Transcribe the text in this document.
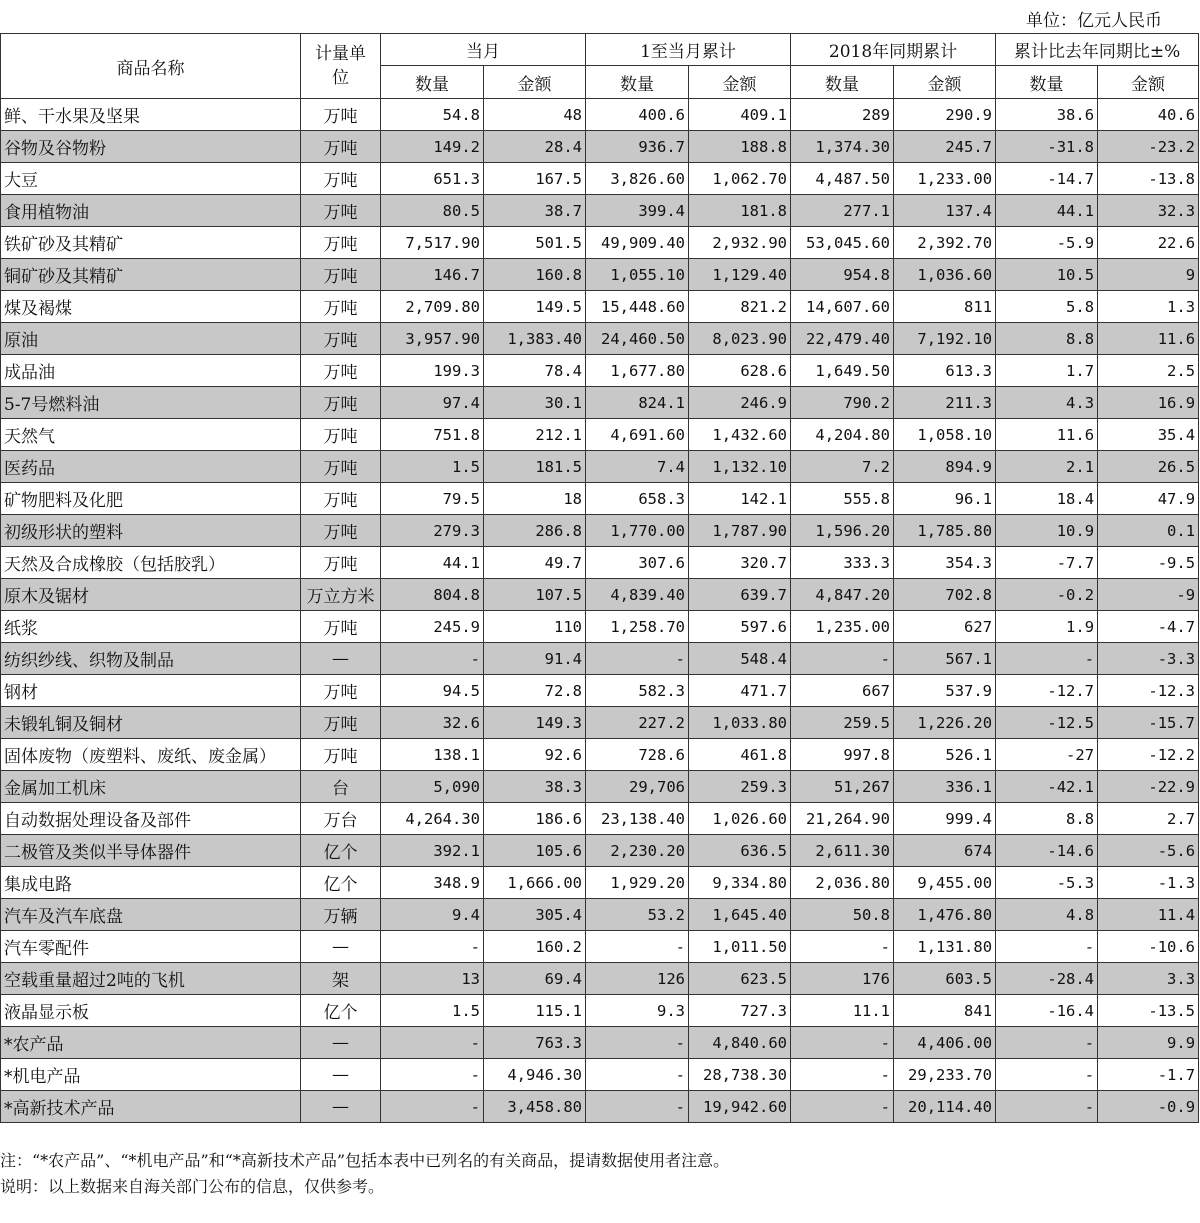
单位：亿元人民币
商品名称	计量单位	当月		1至当月累计		2018年同期累计		累计比去年同期比±%	
		数量	金额	数量	金额	数量	金额	数量	金额
鲜、干水果及坚果	万吨	54.8	48	400.6	409.1	289	290.9	38.6	40.6
谷物及谷物粉	万吨	149.2	28.4	936.7	188.8	1,374.30	245.7	-31.8	-23.2
大豆	万吨	651.3	167.5	3,826.60	1,062.70	4,487.50	1,233.00	-14.7	-13.8
食用植物油	万吨	80.5	38.7	399.4	181.8	277.1	137.4	44.1	32.3
铁矿砂及其精矿	万吨	7,517.90	501.5	49,909.40	2,932.90	53,045.60	2,392.70	-5.9	22.6
铜矿砂及其精矿	万吨	146.7	160.8	1,055.10	1,129.40	954.8	1,036.60	10.5	9
煤及褐煤	万吨	2,709.80	149.5	15,448.60	821.2	14,607.60	811	5.8	1.3
原油	万吨	3,957.90	1,383.40	24,460.50	8,023.90	22,479.40	7,192.10	8.8	11.6
成品油	万吨	199.3	78.4	1,677.80	628.6	1,649.50	613.3	1.7	2.5
5-7号燃料油	万吨	97.4	30.1	824.1	246.9	790.2	211.3	4.3	16.9
天然气	万吨	751.8	212.1	4,691.60	1,432.60	4,204.80	1,058.10	11.6	35.4
医药品	万吨	1.5	181.5	7.4	1,132.10	7.2	894.9	2.1	26.5
矿物肥料及化肥	万吨	79.5	18	658.3	142.1	555.8	96.1	18.4	47.9
初级形状的塑料	万吨	279.3	286.8	1,770.00	1,787.90	1,596.20	1,785.80	10.9	0.1
天然及合成橡胶（包括胶乳）	万吨	44.1	49.7	307.6	320.7	333.3	354.3	-7.7	-9.5
原木及锯材	万立方米	804.8	107.5	4,839.40	639.7	4,847.20	702.8	-0.2	-9
纸浆	万吨	245.9	110	1,258.70	597.6	1,235.00	627	1.9	-4.7
纺织纱线、织物及制品	—	-	91.4	-	548.4	-	567.1	-	-3.3
钢材	万吨	94.5	72.8	582.3	471.7	667	537.9	-12.7	-12.3
未锻轧铜及铜材	万吨	32.6	149.3	227.2	1,033.80	259.5	1,226.20	-12.5	-15.7
固体废物（废塑料、废纸、废金属）	万吨	138.1	92.6	728.6	461.8	997.8	526.1	-27	-12.2
金属加工机床	台	5,090	38.3	29,706	259.3	51,267	336.1	-42.1	-22.9
自动数据处理设备及部件	万台	4,264.30	186.6	23,138.40	1,026.60	21,264.90	999.4	8.8	2.7
二极管及类似半导体器件	亿个	392.1	105.6	2,230.20	636.5	2,611.30	674	-14.6	-5.6
集成电路	亿个	348.9	1,666.00	1,929.20	9,334.80	2,036.80	9,455.00	-5.3	-1.3
汽车及汽车底盘	万辆	9.4	305.4	53.2	1,645.40	50.8	1,476.80	4.8	11.4
汽车零配件	—	-	160.2	-	1,011.50	-	1,131.80	-	-10.6
空载重量超过2吨的飞机	架	13	69.4	126	623.5	176	603.5	-28.4	3.3
液晶显示板	亿个	1.5	115.1	9.3	727.3	11.1	841	-16.4	-13.5
*农产品	—	-	763.3	-	4,840.60	-	4,406.00	-	9.9
*机电产品	—	-	4,946.30	-	28,738.30	-	29,233.70	-	-1.7
*高新技术产品	—	-	3,458.80	-	19,942.60	-	20,114.40	-	-0.9
注：“*农产品”、“*机电产品”和“*高新技术产品”包括本表中已列名的有关商品，提请数据使用者注意。
说明：以上数据来自海关部门公布的信息，仅供参考。
